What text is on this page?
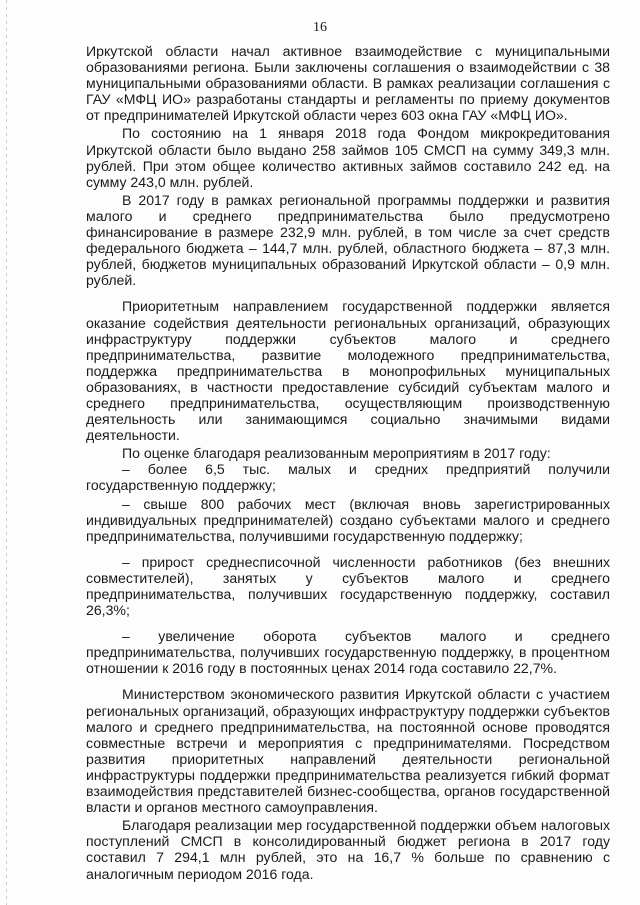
16

Иркутской области начал активное взаимодействие с муниципальными образованиями региона. Были заключены соглашения о взаимодействии с 38 муниципальными образованиями области. В рамках реализации соглашения с ГАУ «МФЦ ИО» разработаны стандарты и регламенты по приему документов от предпринимателей Иркутской области через 603 окна ГАУ «МФЦ ИО».

По состоянию на 1 января 2018 года Фондом микрокредитования Иркутской области было выдано 258 займов 105 СМСП на сумму 349,3 млн. рублей. При этом общее количество активных займов составило 242 ед. на сумму 243,0 млн. рублей.

В 2017 году в рамках региональной программы поддержки и развития малого и среднего предпринимательства было предусмотрено финансирование в размере 232,9 млн. рублей, в том числе за счет средств федерального бюджета – 144,7 млн. рублей, областного бюджета – 87,3 млн. рублей, бюджетов муниципальных образований Иркутской области – 0,9 млн. рублей.

Приоритетным направлением государственной поддержки является оказание содействия деятельности региональных организаций, образующих инфраструктуру поддержки субъектов малого и среднего предпринимательства, развитие молодежного предпринимательства, поддержка предпринимательства в монопрофильных муниципальных образованиях, в частности предоставление субсидий субъектам малого и среднего предпринимательства, осуществляющим производственную деятельность или занимающимся социально значимыми видами деятельности.

По оценке благодаря реализованным мероприятиям в 2017 году:

– более 6,5 тыс. малых и средних предприятий получили государственную поддержку;

– свыше 800 рабочих мест (включая вновь зарегистрированных индивидуальных предпринимателей) создано субъектами малого и среднего предпринимательства, получившими государственную поддержку;

– прирост среднесписочной численности работников (без внешних совместителей), занятых у субъектов малого и среднего предпринимательства, получивших государственную поддержку, составил 26,3%;

– увеличение оборота субъектов малого и среднего предпринимательства, получивших государственную поддержку, в процентном отношении к 2016 году в постоянных ценах 2014 года составило 22,7%.

Министерством экономического развития Иркутской области с участием региональных организаций, образующих инфраструктуру поддержки субъектов малого и среднего предпринимательства, на постоянной основе проводятся совместные встречи и мероприятия с предпринимателями. Посредством развития приоритетных направлений деятельности региональной инфраструктуры поддержки предпринимательства реализуется гибкий формат взаимодействия представителей бизнес-сообщества, органов государственной власти и органов местного самоуправления.

Благодаря реализации мер государственной поддержки объем налоговых поступлений СМСП в консолидированный бюджет региона в 2017 году составил 7 294,1 млн рублей, это на 16,7 % больше по сравнению с аналогичным периодом 2016 года.
